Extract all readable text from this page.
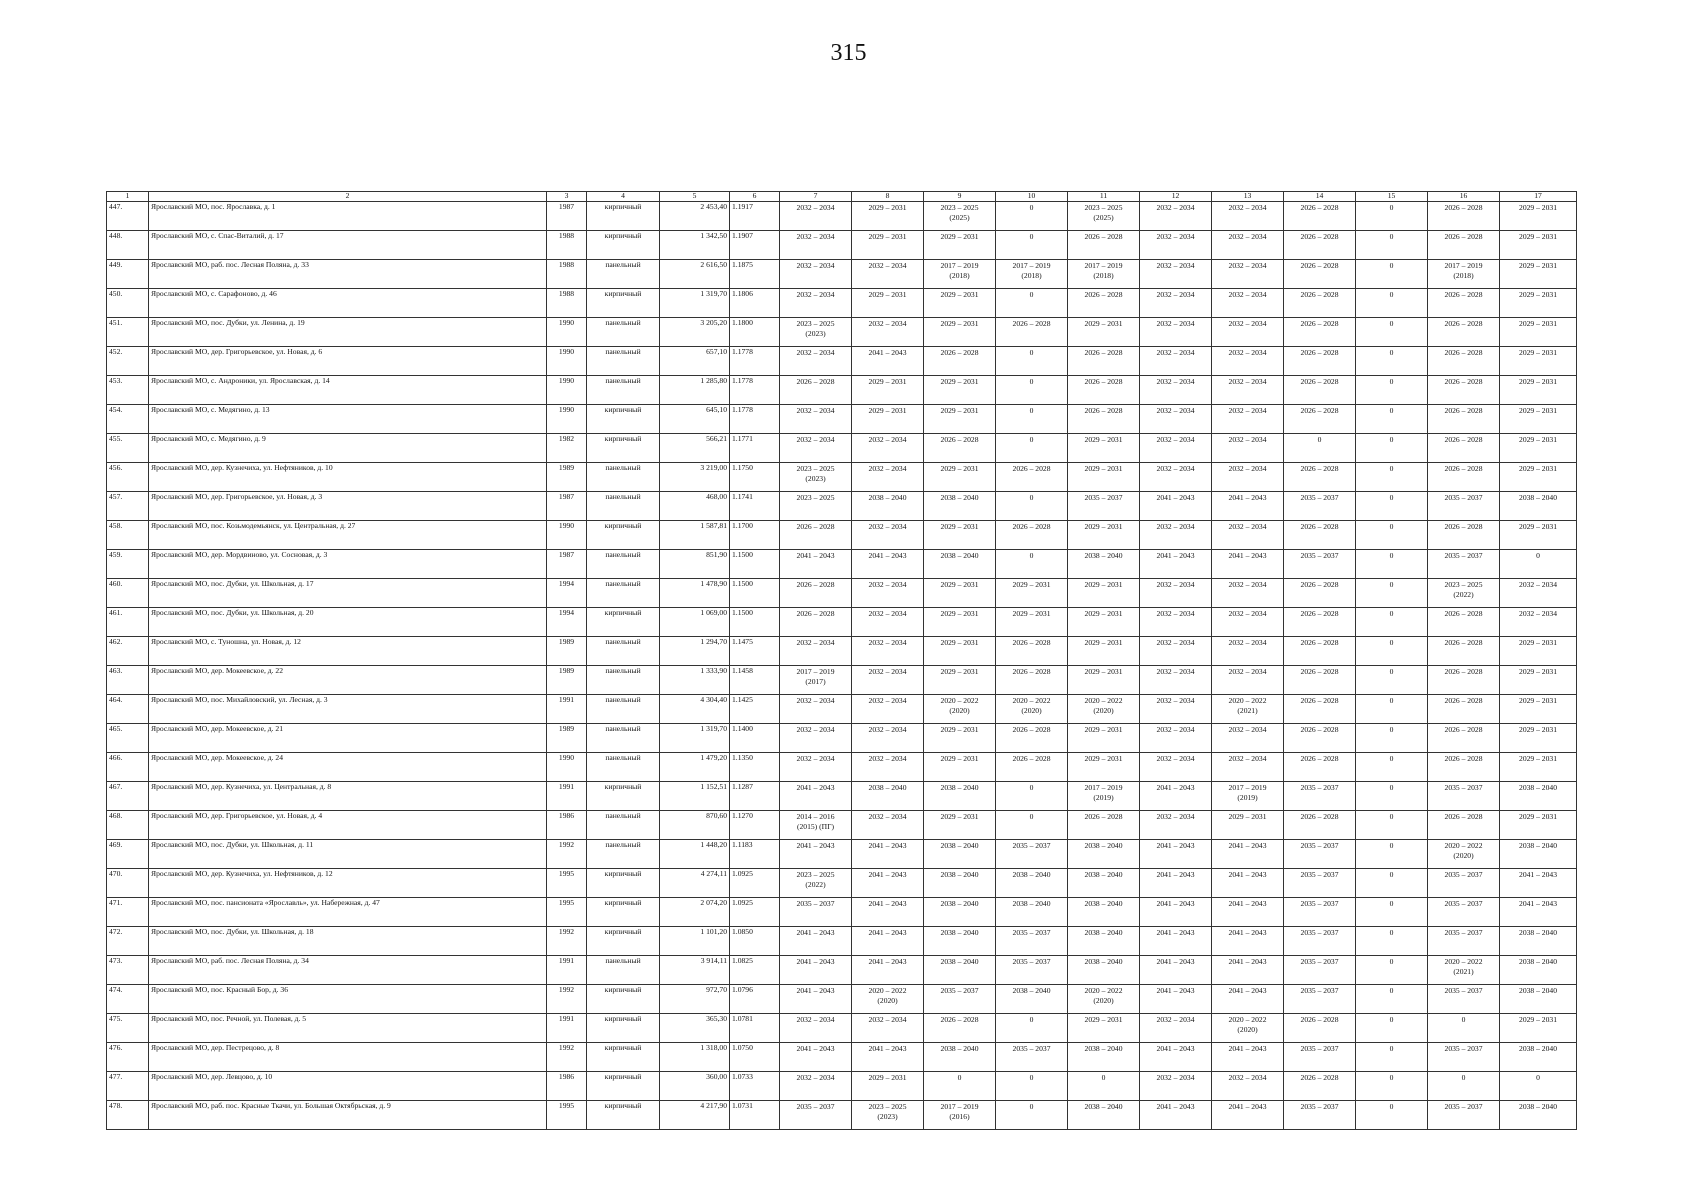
315
1	2	3	4	5	6	7	8	9	10	11	12	13	14	15	16	17
447.	Ярославский МО, пос. Ярославка, д. 1	1987	кирпичный	2 453,40	1.1917	2032 – 2034	2029 – 2031	2023 – 2025
(2025)	0	2023 – 2025
(2025)	2032 – 2034	2032 – 2034	2026 – 2028	0	2026 – 2028	2029 – 2031
448.	Ярославский МО, с. Спас-Виталий, д. 17	1988	кирпичный	1 342,50	1.1907	2032 – 2034	2029 – 2031	2029 – 2031	0	2026 – 2028	2032 – 2034	2032 – 2034	2026 – 2028	0	2026 – 2028	2029 – 2031
449.	Ярославский МО, раб. пос. Лесная Поляна, д. 33	1988	панельный	2 616,50	1.1875	2032 – 2034	2032 – 2034	2017 – 2019
(2018)	2017 – 2019
(2018)	2017 – 2019
(2018)	2032 – 2034	2032 – 2034	2026 – 2028	0	2017 – 2019
(2018)	2029 – 2031
450.	Ярославский МО, с. Сарафоново, д. 46	1988	кирпичный	1 319,70	1.1806	2032 – 2034	2029 – 2031	2029 – 2031	0	2026 – 2028	2032 – 2034	2032 – 2034	2026 – 2028	0	2026 – 2028	2029 – 2031
451.	Ярославский МО, пос. Дубки, ул. Ленина, д. 19	1990	панельный	3 205,20	1.1800	2023 – 2025
(2023)	2032 – 2034	2029 – 2031	2026 – 2028	2029 – 2031	2032 – 2034	2032 – 2034	2026 – 2028	0	2026 – 2028	2029 – 2031
452.	Ярославский МО, дер. Григорьевское, ул. Новая, д. 6	1990	панельный	657,10	1.1778	2032 – 2034	2041 – 2043	2026 – 2028	0	2026 – 2028	2032 – 2034	2032 – 2034	2026 – 2028	0	2026 – 2028	2029 – 2031
453.	Ярославский МО, с. Андроники, ул. Ярославская, д. 14	1990	панельный	1 285,80	1.1778	2026 – 2028	2029 – 2031	2029 – 2031	0	2026 – 2028	2032 – 2034	2032 – 2034	2026 – 2028	0	2026 – 2028	2029 – 2031
454.	Ярославский МО, с. Медягино, д. 13	1990	кирпичный	645,10	1.1778	2032 – 2034	2029 – 2031	2029 – 2031	0	2026 – 2028	2032 – 2034	2032 – 2034	2026 – 2028	0	2026 – 2028	2029 – 2031
455.	Ярославский МО, с. Медягино, д. 9	1982	кирпичный	566,21	1.1771	2032 – 2034	2032 – 2034	2026 – 2028	0	2029 – 2031	2032 – 2034	2032 – 2034	0	0	2026 – 2028	2029 – 2031
456.	Ярославский МО, дер. Кузнечиха, ул. Нефтяников, д. 10	1989	панельный	3 219,00	1.1750	2023 – 2025
(2023)	2032 – 2034	2029 – 2031	2026 – 2028	2029 – 2031	2032 – 2034	2032 – 2034	2026 – 2028	0	2026 – 2028	2029 – 2031
457.	Ярославский МО, дер. Григорьевское, ул. Новая, д. 3	1987	панельный	468,00	1.1741	2023 – 2025	2038 – 2040	2038 – 2040	0	2035 – 2037	2041 – 2043	2041 – 2043	2035 – 2037	0	2035 – 2037	2038 – 2040
458.	Ярославский МО, пос. Козьмодемьянск, ул. Центральная, д. 27	1990	кирпичный	1 587,81	1.1700	2026 – 2028	2032 – 2034	2029 – 2031	2026 – 2028	2029 – 2031	2032 – 2034	2032 – 2034	2026 – 2028	0	2026 – 2028	2029 – 2031
459.	Ярославский МО, дер. Мордвиново, ул. Сосновая, д. 3	1987	панельный	851,90	1.1500	2041 – 2043	2041 – 2043	2038 – 2040	0	2038 – 2040	2041 – 2043	2041 – 2043	2035 – 2037	0	2035 – 2037	0
460.	Ярославский МО, пос. Дубки, ул. Школьная, д. 17	1994	панельный	1 478,90	1.1500	2026 – 2028	2032 – 2034	2029 – 2031	2029 – 2031	2029 – 2031	2032 – 2034	2032 – 2034	2026 – 2028	0	2023 – 2025
(2022)	2032 – 2034
461.	Ярославский МО, пос. Дубки, ул. Школьная, д. 20	1994	кирпичный	1 069,00	1.1500	2026 – 2028	2032 – 2034	2029 – 2031	2029 – 2031	2029 – 2031	2032 – 2034	2032 – 2034	2026 – 2028	0	2026 – 2028	2032 – 2034
462.	Ярославский МО, с. Туношна, ул. Новая, д. 12	1989	панельный	1 294,70	1.1475	2032 – 2034	2032 – 2034	2029 – 2031	2026 – 2028	2029 – 2031	2032 – 2034	2032 – 2034	2026 – 2028	0	2026 – 2028	2029 – 2031
463.	Ярославский МО, дер. Мокеевское, д. 22	1989	панельный	1 333,90	1.1458	2017 – 2019
(2017)	2032 – 2034	2029 – 2031	2026 – 2028	2029 – 2031	2032 – 2034	2032 – 2034	2026 – 2028	0	2026 – 2028	2029 – 2031
464.	Ярославский МО, пос. Михайловский, ул. Лесная, д. 3	1991	панельный	4 304,40	1.1425	2032 – 2034	2032 – 2034	2020 – 2022
(2020)	2020 – 2022
(2020)	2020 – 2022
(2020)	2032 – 2034	2020 – 2022
(2021)	2026 – 2028	0	2026 – 2028	2029 – 2031
465.	Ярославский МО, дер. Мокеевское, д. 21	1989	панельный	1 319,70	1.1400	2032 – 2034	2032 – 2034	2029 – 2031	2026 – 2028	2029 – 2031	2032 – 2034	2032 – 2034	2026 – 2028	0	2026 – 2028	2029 – 2031
466.	Ярославский МО, дер. Мокеевское, д. 24	1990	панельный	1 479,20	1.1350	2032 – 2034	2032 – 2034	2029 – 2031	2026 – 2028	2029 – 2031	2032 – 2034	2032 – 2034	2026 – 2028	0	2026 – 2028	2029 – 2031
467.	Ярославский МО, дер. Кузнечиха, ул. Центральная, д. 8	1991	кирпичный	1 152,51	1.1287	2041 – 2043	2038 – 2040	2038 – 2040	0	2017 – 2019
(2019)	2041 – 2043	2017 – 2019
(2019)	2035 – 2037	0	2035 – 2037	2038 – 2040
468.	Ярославский МО, дер. Григорьевское, ул. Новая, д. 4	1986	панельный	870,60	1.1270	2014 – 2016
(2015) (ПГ)	2032 – 2034	2029 – 2031	0	2026 – 2028	2032 – 2034	2029 – 2031	2026 – 2028	0	2026 – 2028	2029 – 2031
469.	Ярославский МО, пос. Дубки, ул. Школьная, д. 11	1992	панельный	1 448,20	1.1183	2041 – 2043	2041 – 2043	2038 – 2040	2035 – 2037	2038 – 2040	2041 – 2043	2041 – 2043	2035 – 2037	0	2020 – 2022
(2020)	2038 – 2040
470.	Ярославский МО, дер. Кузнечиха, ул. Нефтяников, д. 12	1995	кирпичный	4 274,11	1.0925	2023 – 2025
(2022)	2041 – 2043	2038 – 2040	2038 – 2040	2038 – 2040	2041 – 2043	2041 – 2043	2035 – 2037	0	2035 – 2037	2041 – 2043
471.	Ярославский МО, пос. пансионата «Ярославль», ул. Набережная, д. 47	1995	кирпичный	2 074,20	1.0925	2035 – 2037	2041 – 2043	2038 – 2040	2038 – 2040	2038 – 2040	2041 – 2043	2041 – 2043	2035 – 2037	0	2035 – 2037	2041 – 2043
472.	Ярославский МО, пос. Дубки, ул. Школьная, д. 18	1992	кирпичный	1 101,20	1.0850	2041 – 2043	2041 – 2043	2038 – 2040	2035 – 2037	2038 – 2040	2041 – 2043	2041 – 2043	2035 – 2037	0	2035 – 2037	2038 – 2040
473.	Ярославский МО, раб. пос. Лесная Поляна, д. 34	1991	панельный	3 914,11	1.0825	2041 – 2043	2041 – 2043	2038 – 2040	2035 – 2037	2038 – 2040	2041 – 2043	2041 – 2043	2035 – 2037	0	2020 – 2022
(2021)	2038 – 2040
474.	Ярославский МО, пос. Красный Бор, д. 36	1992	кирпичный	972,70	1.0796	2041 – 2043	2020 – 2022
(2020)	2035 – 2037	2038 – 2040	2020 – 2022
(2020)	2041 – 2043	2041 – 2043	2035 – 2037	0	2035 – 2037	2038 – 2040
475.	Ярославский МО, пос. Речной, ул. Полевая, д. 5	1991	кирпичный	365,30	1.0781	2032 – 2034	2032 – 2034	2026 – 2028	0	2029 – 2031	2032 – 2034	2020 – 2022
(2020)	2026 – 2028	0	0	2029 – 2031
476.	Ярославский МО, дер. Пестрецово, д. 8	1992	кирпичный	1 318,00	1.0750	2041 – 2043	2041 – 2043	2038 – 2040	2035 – 2037	2038 – 2040	2041 – 2043	2041 – 2043	2035 – 2037	0	2035 – 2037	2038 – 2040
477.	Ярославский МО, дер. Левцово, д. 10	1986	кирпичный	360,00	1.0733	2032 – 2034	2029 – 2031	0	0	0	2032 – 2034	2032 – 2034	2026 – 2028	0	0	0
478.	Ярославский МО, раб. пос. Красные Ткачи, ул. Большая Октябрьская, д. 9	1995	кирпичный	4 217,90	1.0731	2035 – 2037	2023 – 2025
(2023)	2017 – 2019
(2016)	0	2038 – 2040	2041 – 2043	2041 – 2043	2035 – 2037	0	2035 – 2037	2038 – 2040
